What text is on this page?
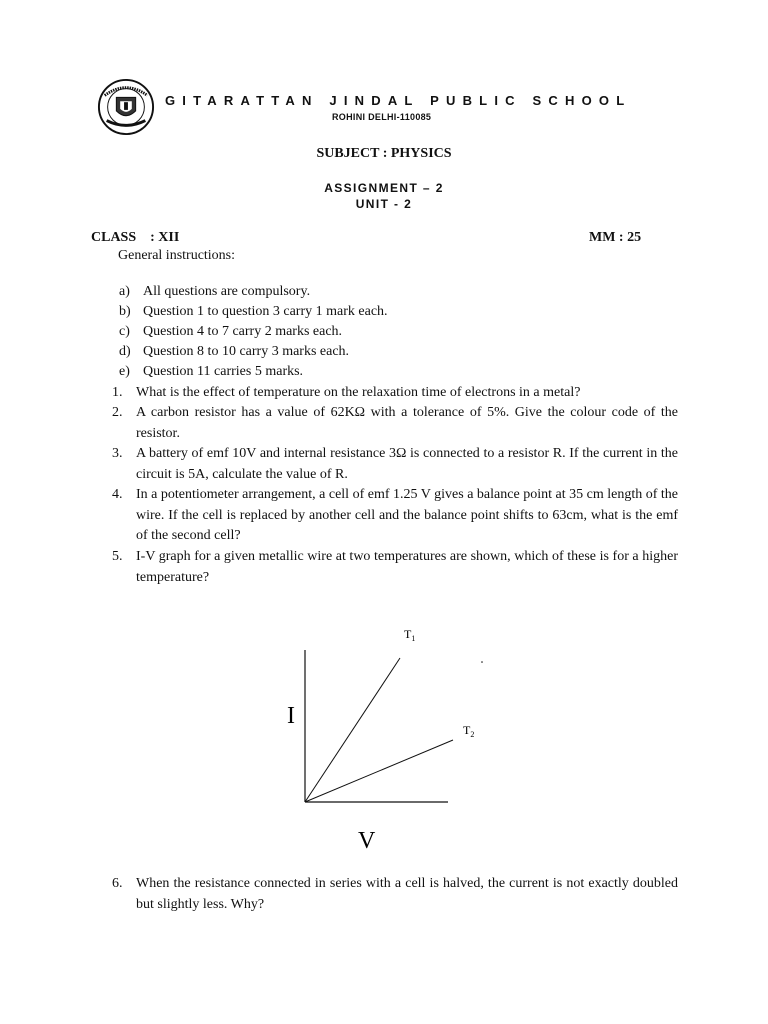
GITARATTAN JINDAL PUBLIC SCHOOL
ROHINI DELHI-110085
SUBJECT : PHYSICS
ASSIGNMENT – 2
UNIT - 2
CLASS    : XII	MM : 25
General instructions:
a) All questions are compulsory.
b) Question 1 to question 3 carry 1 mark each.
c) Question 4 to 7 carry 2 marks each.
d) Question 8 to 10 carry 3 marks each.
e) Question 11 carries 5 marks.
1. What is the effect of temperature on the relaxation time of electrons in a metal?
2. A carbon resistor has a value of 62KΩ with a tolerance of 5%. Give the colour code of the resistor.
3. A battery of emf 10V and internal resistance 3Ω is connected to a resistor R. If the current in the circuit is 5A, calculate the value of R.
4. In a potentiometer arrangement, a cell of emf 1.25 V gives a balance point at 35 cm length of the wire. If the cell is replaced by another cell and the balance point shifts to 63cm, what is the emf of the second cell?
5. I-V graph for a given metallic wire at two temperatures are shown, which of these is for a higher temperature?
I
V
$T_1$
$T_2$
6. When the resistance connected in series with a cell is halved, the current is not exactly doubled but slightly less. Why?
